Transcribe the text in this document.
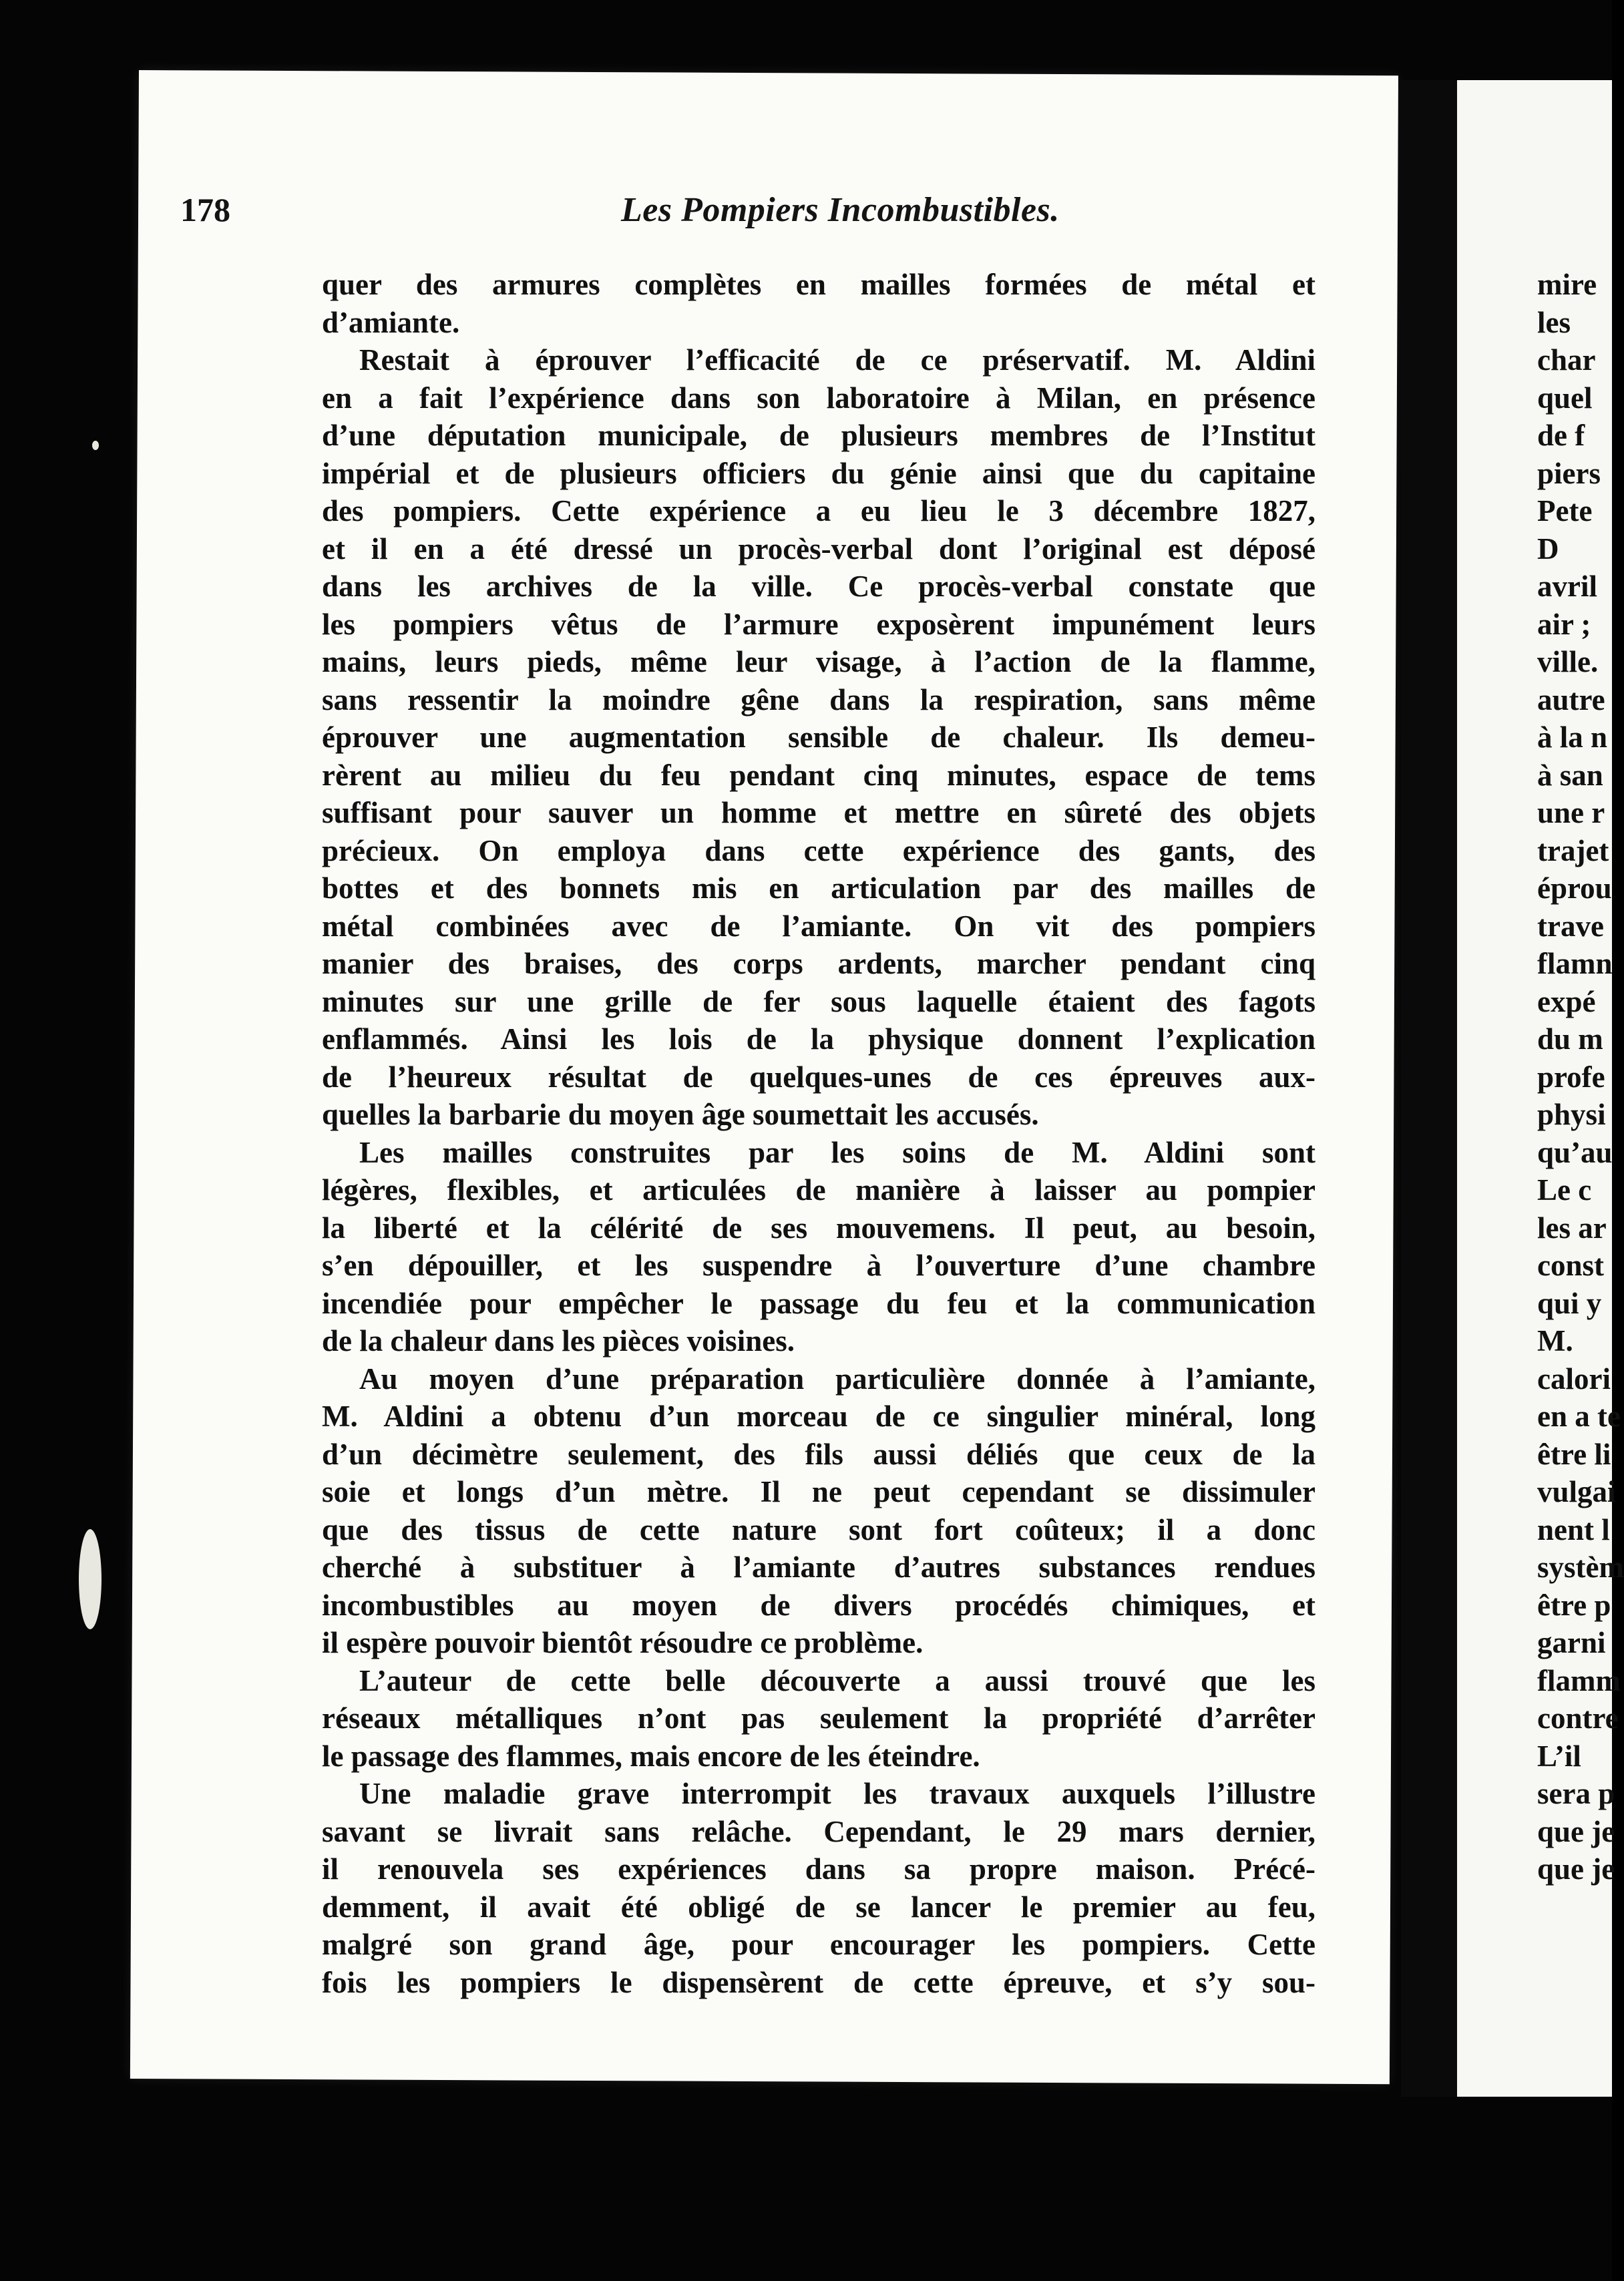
178	Les Pompiers Incombustibles.
quer des armures complètes en mailles formées de métal et
d’amiante.
Restait à éprouver l’efficacité de ce préservatif. M. Aldini
en a fait l’expérience dans son laboratoire à Milan, en présence
d’une députation municipale, de plusieurs membres de l’Institut
impérial et de plusieurs officiers du génie ainsi que du capitaine
des pompiers. Cette expérience a eu lieu le 3 décembre 1827,
et il en a été dressé un procès-verbal dont l’original est déposé
dans les archives de la ville. Ce procès-verbal constate que
les pompiers vêtus de l’armure exposèrent impunément leurs
mains, leurs pieds, même leur visage, à l’action de la flamme,
sans ressentir la moindre gêne dans la respiration, sans même
éprouver une augmentation sensible de chaleur. Ils demeu-
rèrent au milieu du feu pendant cinq minutes, espace de tems
suffisant pour sauver un homme et mettre en sûreté des objets
précieux. On employa dans cette expérience des gants, des
bottes et des bonnets mis en articulation par des mailles de
métal combinées avec de l’amiante. On vit des pompiers
manier des braises, des corps ardents, marcher pendant cinq
minutes sur une grille de fer sous laquelle étaient des fagots
enflammés. Ainsi les lois de la physique donnent l’explication
de l’heureux résultat de quelques-unes de ces épreuves aux-
quelles la barbarie du moyen âge soumettait les accusés.
Les mailles construites par les soins de M. Aldini sont
légères, flexibles, et articulées de manière à laisser au pompier
la liberté et la célérité de ses mouvemens. Il peut, au besoin,
s’en dépouiller, et les suspendre à l’ouverture d’une chambre
incendiée pour empêcher le passage du feu et la communication
de la chaleur dans les pièces voisines.
Au moyen d’une préparation particulière donnée à l’amiante,
M. Aldini a obtenu d’un morceau de ce singulier minéral, long
d’un décimètre seulement, des fils aussi déliés que ceux de la
soie et longs d’un mètre. Il ne peut cependant se dissimuler
que des tissus de cette nature sont fort coûteux; il a donc
cherché à substituer à l’amiante d’autres substances rendues
incombustibles au moyen de divers procédés chimiques, et
il espère pouvoir bientôt résoudre ce problème.
L’auteur de cette belle découverte a aussi trouvé que les
réseaux métalliques n’ont pas seulement la propriété d’arrêter
le passage des flammes, mais encore de les éteindre.
Une maladie grave interrompit les travaux auxquels l’illustre
savant se livrait sans relâche. Cependant, le 29 mars dernier,
il renouvela ses expériences dans sa propre maison. Précé-
demment, il avait été obligé de se lancer le premier au feu,
malgré son grand âge, pour encourager les pompiers. Cette
fois les pompiers le dispensèrent de cette épreuve, et s’y sou-
mire
les
char
quel
de f
piers
Pete
D
avril
air ;
ville.
autre
à la n
à san
une r
trajet
éprou
trave
flamn
expé
du m
profe
physi
qu’au
Le c
les ar
const
qui y
M.
calori
en a te
être li
vulgai
nent l
systèm
être p
garni
flamm
contre
L’il
sera p
que je
que je
